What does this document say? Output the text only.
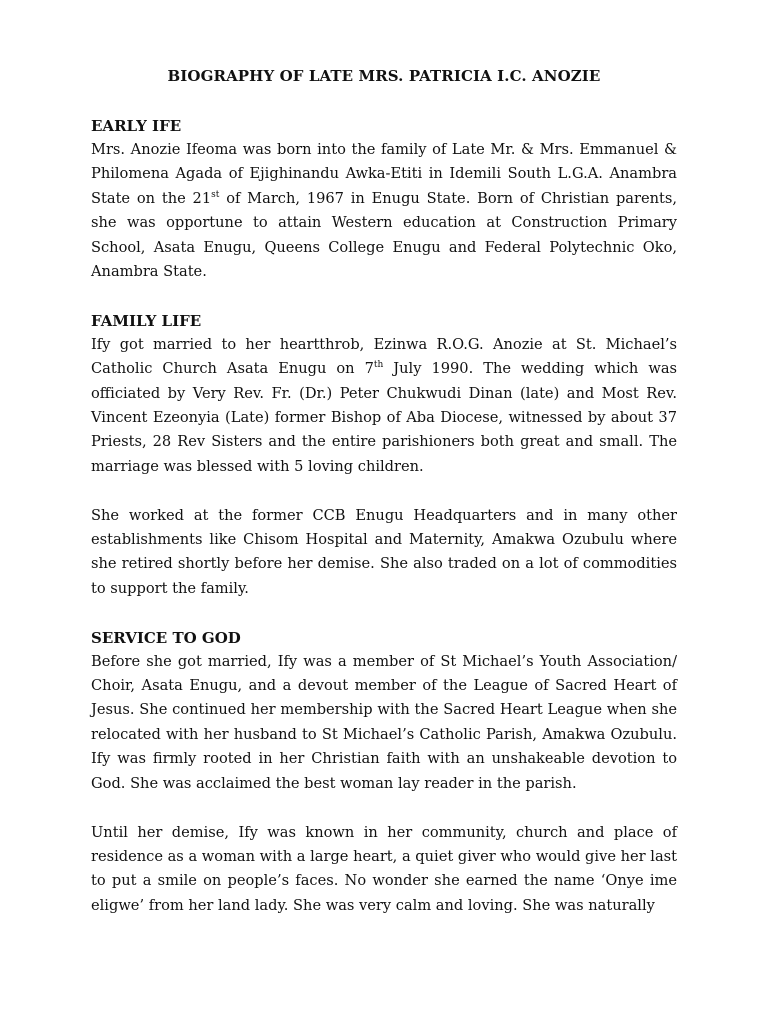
BIOGRAPHY OF LATE MRS. PATRICIA I.C. ANOZIE
EARLY IFE

Mrs. Anozie Ifeoma was born into the family of Late Mr. & Mrs. Emmanuel & Philomena Agada of Ejighinandu Awka-Etiti in Idemili South L.G.A. Anambra State on the 21st of March, 1967 in Enugu State. Born of Christian parents, she was opportune to attain Western education at Construction Primary School, Asata Enugu, Queens College Enugu and Federal Polytechnic Oko, Anambra State.

FAMILY LIFE

Ify got married to her heartthrob, Ezinwa R.O.G. Anozie at St. Michael’s Catholic Church Asata Enugu on 7th July 1990. The wedding which was officiated by Very Rev. Fr. (Dr.) Peter Chukwudi Dinan (late) and Most Rev. Vincent Ezeonyia (Late) former Bishop of Aba Diocese, witnessed by about 37 Priests, 28 Rev Sisters and the entire parishioners both great and small. The marriage was blessed with 5 loving children.

She worked at the former CCB Enugu Headquarters and in many other establishments like Chisom Hospital and Maternity, Amakwa Ozubulu where she retired shortly before her demise. She also traded on a lot of commodities to support the family.

SERVICE TO GOD

Before she got married, Ify was a member of St Michael’s Youth Association/ Choir, Asata Enugu, and a devout member of the League of Sacred Heart of Jesus. She continued her membership with the Sacred Heart League when she relocated with her husband to St Michael’s Catholic Parish, Amakwa Ozubulu. Ify was firmly rooted in her Christian faith with an unshakeable devotion to God. She was acclaimed the best woman lay reader in the parish.

Until her demise, Ify was known in her community, church and place of residence as a woman with a large heart, a quiet giver who would give her last to put a smile on people’s faces. No wonder she earned the name ‘Onye ime eligwe’ from her land lady. She was very calm and loving. She was naturally
